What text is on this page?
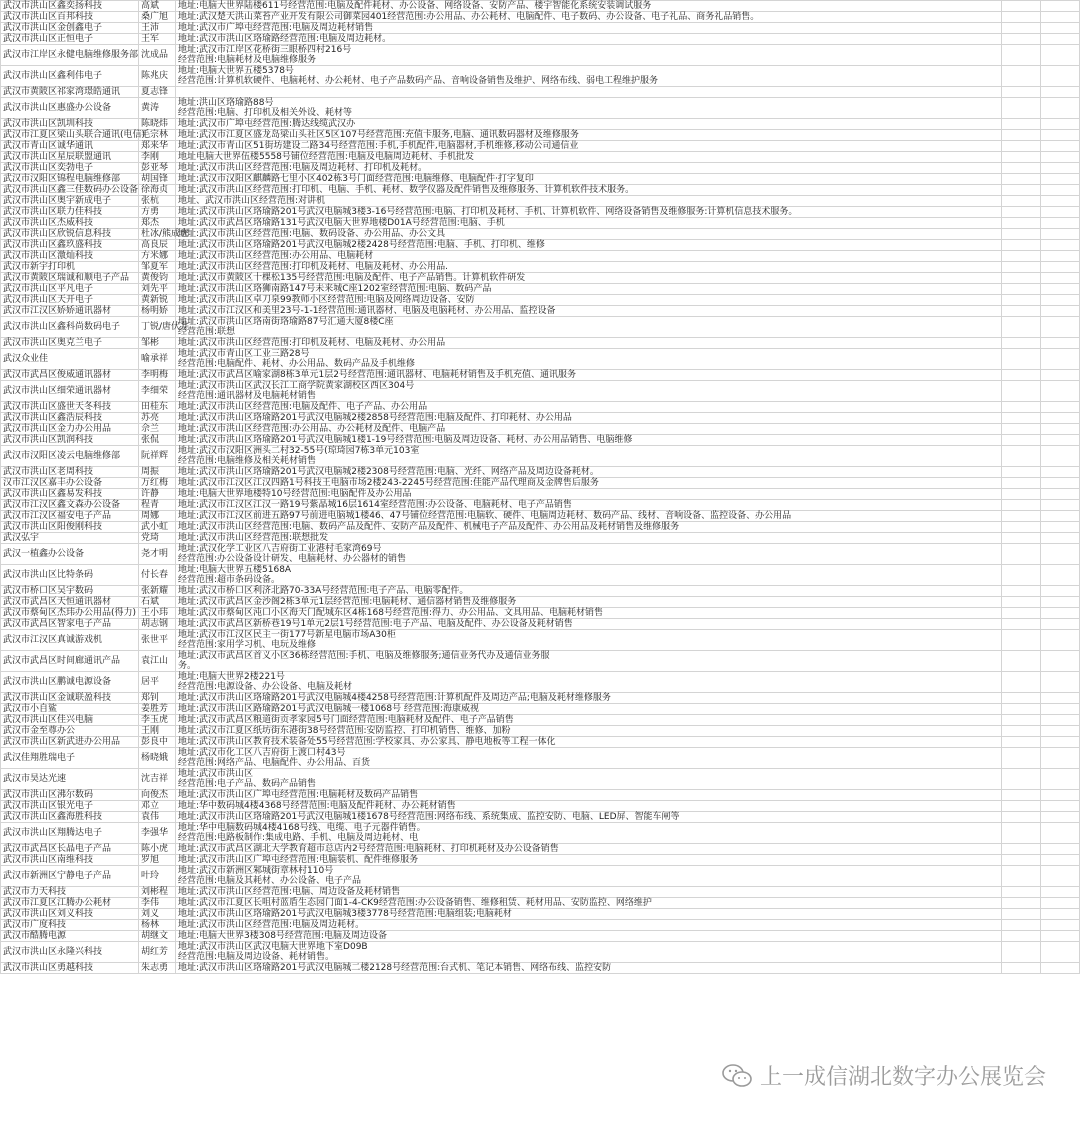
武汉市洪山区鑫奕扬科技	高斌	地址:电脑大世界陆楼611号经营范围:电脑及配件耗材、办公设备、网络设备、安防产品、楼宇智能化系统安装调试服务		

武汉市洪山区百邦科技	桑广旭	地址:武汉楚天洪山菜苔产业开发有限公司御菜园401经营范围:办公用品、办公耗材、电脑配件、电子数码、办公设备、电子礼品、商务礼品销售。		

武汉市洪山区金创鑫电子	王沛	地址:武汉市广埠屯经营范围:电脑及周边耗材销售		

武汉市洪山区正恒电子	王军	地址:武汉市洪山区珞瑜路经营范围:电脑及周边耗材。		

武汉市江岸区永健电脑维修服务部	沈成品	地址:武汉市江岸区花桥街三眼桥四村216号
经营范围:电脑耗材及电脑维修服务		

武汉市洪山区鑫利伟电子	陈兆庆	地址:电脑大世界五楼5378号
经营范围:计算机软硬件、电脑耗材、办公耗材、电子产品数码产品、音响设备销售及维护、网络布线、弱电工程维护服务		

武汉市黄陂区祁家湾璟皓通讯	夏志锋	

武汉市洪山区惠盛办公设备	黄涛	地址:洪山区珞瑜路88号
经营范围:电脑、打印机及相关外设、耗材等		

武汉市洪山区凯圳科技	陈晓炜	地址:武汉市广埠屯经营范围:腾达线缆武汉办		

武汉市江夏区梁山头联合通讯(电信)	毛宗林	地址:武汉市江夏区盛龙岛梁山头社区5区107号经营范围:充值卡服务,电脑、通讯数码器材及维修服务		

武汉市青山区诚华通讯	郑来华	地址:武汉市青山区51街坊建设二路34号经营范围:手机,手机配件,电脑器材,手机维修,移动公司通信业		

武汉市洪山区星辰联盟通讯	李刚	地址电脑大世界伍楼5558号铺位经营范围:电脑及电脑周边耗材、手机批发		

武汉市洪山区奕勃电子	彭亚琴	地址:武汉市洪山区经营范围:电脑及周边耗材、打印机及耗材。		

武汉市汉阳区锦程电脑维修部	胡国锋	地址:武汉市汉阳区麒麟路七里小区402栋3号门面经营范围:电脑维修、电脑配件·打字复印		

武汉市洪山区鑫三佳数码办公设备	徐海贞	地址:武汉市洪山区经营范围:打印机、电脑、手机、耗材、数学仪器及配件销售及维修服务、计算机软件技术服务。		

武汉市洪山区奥宇新成电子	张杭	地址、武汉市洪山区经营范围:对讲机		

武汉市洪山区联力佳科技	方勇	地址:武汉市洪山区珞瑜路201号武汉电脑城3楼3-16号经营范围:电脑、打印机及耗材、手机、计算机软件、网络设备销售及维修服务:计算机信息技术服务。		

武汉市洪山区杰威科技	郑杰	地址:武汉市武昌区珞瑜路131号武汉电脑大世界地楼D01A号经营范围:电脑、手机		

武汉市洪山区欣锐信息科技	杜冰/熊成虎	地址:武汉市洪山区经营范围:电脑、数码设备、办公用品、办公文具		

武汉市洪山区鑫玖盛科技	高良辰	地址:武汉市洪山区珞瑜路201号武汉电脑城2楼2428号经营范围:电脑、手机、打印机、维修		

武汉市洪山区激灿科技	方米娜	地址:武汉市洪山区经营范围:办公用品、电脑耗材		

武汉市新宇打印机	邹夏军	地址:武汉市洪山区经营范围:打印机及耗材、电脑及耗材、办公用品.		

武汉市黄陂区瑞诚和顺电子产品	黄俊钧	地址:武汉市黄陂区十棵松135号经营范围:电脑及配件、电子产品销售。计算机软件研发		

武汉市洪山区平凡电子	刘先平	地址:武汉市洪山区珞狮南路147号未来城C座1202室经营范围:电脑、数码产品		

武汉市洪山区天开电子	黄新锐	地址:武汉市洪山区卓刀泉99教师小区经营范围:电脑及网络周边设备、安防		

武汉市江汉区娇娇通讯器材	杨明娇	地址:武汉市江汉区和美里23号-1-1经营范围:通讯器材、电脑及电脑耗材、办公用品、监控设备		

武汉市洪山区鑫科尚数码电子	丁锐/唐伏井	地址:武汉市洪山区珞南街珞瑜路87号汇通大厦8楼C座
经营范围:联想		

武汉市洪山区奥克兰电子	邹彬	地址:武汉市洪山区经营范围:打印机及耗材、电脑及耗材、办公用品		

武汉众业佳	喻承祥	地址:武汉市青山区工业三路28号
经营范围:电脑配件、耗材、办公用品、数码产品及手机维修		

武汉市武昌区俊威通讯器材	李明梅	地址:武汉市武昌区喻家湖8栋3单元1层2号经营范围:通讯器材、电脑耗材销售及手机充值、通讯服务		

武汉市洪山区细荣通讯器材	李细荣	地址:武汉市洪山区武汉长江工商学院黄家湖校区西区304号
经营范围:通讯器材及电脑耗材销售		

武汉市洪山区盛世天冬科技	田桂东	地址:武汉市洪山区经营范围:电脑及配件、电子产品、办公用品		

武汉市洪山区鑫浩辰科技	苏亮	地址:武汉市洪山区珞瑜路201号武汉电脑城2楼2858号经营范围:电脑及配件、打印耗材、办公用品		

武汉市洪山区金力办公用品	佘兰	地址:武汉市洪山区经营范围:办公用品、办公耗材及配件、电脑产品		

武汉市洪山区凯润科技	张侃	地址:武汉市洪山区珞瑜路201号武汉电脑城1楼1-19号经营范围:电脑及周边设备、耗材、办公用品销售、电脑维修		

武汉市汉阳区凌云电脑维修部	阮祥辉	地址:武汉市汉阳区洲头二村32-55号(琼琦园7栋3单元103室
经营范围:电脑维修及相关耗材销售		

武汉市洪山区老周科技	周振	地址:武汉市洪山区珞瑜路201号武汉电脑城2楼2308号经营范围:电脑、光纤、网络产品及周边设备耗材。		

汉市江汉区嘉丰办公设备	万红梅	地址:武汉市江汉区江汉四路1号科技王电脑市场2楼243-2245号经营范围:佳能产品代理商及金牌售后服务		

武汉市洪山区鑫易发科技	许静	地址:电脑大世界地楼特10号经营范围:电脑配件及办公用品		

武汉市江汉区鑫文森办公设备	程青	地址:武汉市江汉区江汉一路19号紫晶城16层1614室经营范围:办公设备、电脑耗材、电子产品销售		

武汉市江汉区福安电子产品	周娜	地址:武汉市江汉区前进五路97号前进电脑城1楼46、47号铺位经营范围:电脑软、硬件、电脑周边耗材、数码产品、线材、音响设备、监控设备、办公用品		

武汉市洪山区阳俊刚科技	武小虹	地址:武汉市洪山区经营范围:电脑、数码产品及配件、安防产品及配件、机械电子产品及配件、办公用品及耗材销售及维修服务		

武汉弘宇	党琦	地址:武汉市洪山区经营范围:联想批发		

武汉一植鑫办公设备	尧才明	地址:武汉化学工业区八吉府街工业港村毛家湾69号
经营范围:办公设备设计研发、电脑耗材、办公器材的销售		

武汉市洪山区比特条码	付长春	地址:电脑大世界五楼5168A
经营范围:超市条码设备。		

武汉市桥口区吴宇数码	张新耀	地址:武汉市桥口区利济北路70-33A号经营范围:电子产品、电脑零配件。		

武汉市武昌区天恒通讯器材	石斌	地址:武汉市武昌区金沙阁2栋3单元1层经营范围:电脑耗材、通信器材销售及维修服务		

武汉市蔡甸区杰玮办公用品(得力)	王小玮	地址:武汉市蔡甸区沌口小区海天门配城东区4栋168号经营范围:得力、办公用品、文具用品、电脑耗材销售		

武汉市武昌区智家电子产品	胡志钢	地址:武汉市武昌区新桥巷19号1单元2层1号经营范围:电子产品、电脑及配件、办公设备及耗材销售		

武汉市江汉区真诚游戏机	张世平	地址:武汉市江汉区民主一街177号新星电脑市场A30柜
经营范围:家用学习机、电玩及维修		

武汉市武昌区时间廊通讯产品	袁江山	地址:武汉市武昌区首义小区36栋经营范围:手机、电脑及维修服务;通信业务代办及通信业务服
务。		

武汉市洪山区鹏诚电源设备	居平	地址:电脑大世界2楼221号
经营范围:电源设备、办公设备、电脑及耗材		

武汉市洪山区金诚联盈科技	郑钊	地址:武汉市洪山区珞瑜路201号武汉电脑城4楼4258号经营范围:计算机配件及周边产品;电脑及耗材维修服务		

武汉市小自鲨	姜胜芳	地址:武汉市洪山区路瑜路201号武汉电脑城一楼1068号 经营范围:海康威视		

武汉市洪山区佳兴电脑	李玉虎	地址:武汉市武昌区粮道街贡孝家园5号门面经营范围:电脑耗材及配件、电子产品销售		

武汉市金至尊办公	王刚	地址:武汉市江夏区纸坊街东港街38号经营范围:安防监控、打印机销售、维修、加粉		

武汉市洪山区新武进办公用品	彭良中	地址:武汉市洪山区教育技术装备处55号经营范围:学校家具、办公家具、静电地板等工程一体化		

武汉佳翔胜瑞电子	杨晓娥	地址:武汉市化工区八吉府街上渡口村43号
经营范围:网络产品、电脑配件、办公用品、百货		

武汉市昊达光速	沈吉祥	地址:武汉市洪山区
经营范围:电子产品、数码产品销售		

武汉市洪山区沸尔数码	向俊杰	地址:武汉市洪山区广埠屯经营范围:电脑耗材及数码产品销售		

武汉市洪山区银光电子	邓立	地址:华中数码城4楼4368号经营范围:电脑及配件耗材、办公耗材销售		

武汉市洪山区鑫海胜科技	袁伟	地址:武汉市洪山区珞瑜路201号武汉电脑城1楼1678号经营范围:网络布线、系统集成、监控安防、电脑、LED屏、智能车闸等		

武汉市洪山区翔腾达电子	李强华	地址:华中电脑数码城4楼4168号线、电缆、电子元器件销售。
经营范围:电路板制作:集成电路、手机、电脑及周边耗材、电		

武汉市武昌区长晶电子产品	陈小虎	地址:武汉市武昌区湖北大学教育超市总店内2号经营范围:电脑耗材、打印机耗材及办公设备销售		

武汉市洪山区南维科技	罗旭	地址:武汉市洪山区广埠屯经营范围:电脑装机、配件维修服务		

武汉市新洲区宁静电子产品	叶玲	地址:武汉市新洲区邾城街章林村110号
经营范围:电脑及其耗材、办公设备、电子产品		

武汉市力天科技	刘彬程	地址:武汉市洪山区经营范围:电脑、周边设备及耗材销售		

武汉市江夏区江腾办公耗材	李伟	地址:武汉市江夏区长咀村蓝盾生态园门面1-4-CK9经营范围:办公设备销售、维修租赁、耗材用品、安防监控、网络维护		

武汉市洪山区刘义科技	刘义	地址:武汉市洪山区珞瑜路201号武汉电脑城3楼3778号经营范围:电脑组装;电脑耗材		

武汉市广度科技	杨林	地址:武汉市洪山区经营范围:电脑及周边耗材。		

武汉市酷腾电源	胡继文	地址:电脑大世界3楼308号经营范围:电脑及周边设备		

武汉市洪山区永隆兴科技	胡红芳	地址:武汉市洪山区武汉电脑大世界地下室D09B
经营范围:电脑及周边设备、耗材销售。		

武汉市洪山区勇越科技	朱志勇	地址:武汉市洪山区珞瑜路201号武汉电脑城二楼2128号经营范围:台式机、笔记本销售、网络布线、监控安防		

上一成信湖北数字办公展览会
